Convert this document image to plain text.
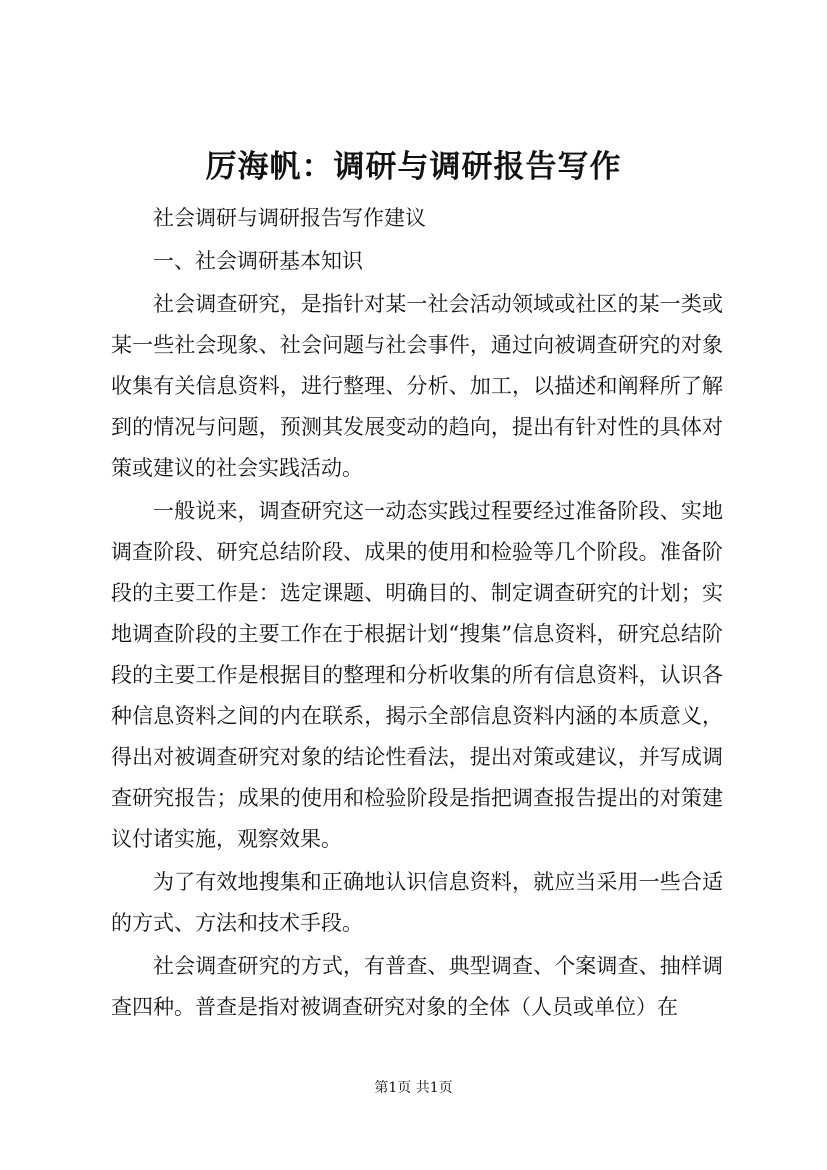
厉海帆：调研与调研报告写作

社会调研与调研报告写作建议

一、社会调研基本知识

社会调查研究，是指针对某一社会活动领域或社区的某一类或某一些社会现象、社会问题与社会事件，通过向被调查研究的对象收集有关信息资料，进行整理、分析、加工，以描述和阐释所了解到的情况与问题，预测其发展变动的趋向，提出有针对性的具体对策或建议的社会实践活动。

一般说来，调查研究这一动态实践过程要经过准备阶段、实地调查阶段、研究总结阶段、成果的使用和检验等几个阶段。准备阶段的主要工作是：选定课题、明确目的、制定调查研究的计划；实地调查阶段的主要工作在于根据计划“搜集”信息资料，研究总结阶段的主要工作是根据目的整理和分析收集的所有信息资料，认识各种信息资料之间的内在联系，揭示全部信息资料内涵的本质意义，得出对被调查研究对象的结论性看法，提出对策或建议，并写成调查研究报告；成果的使用和检验阶段是指把调查报告提出的对策建议付诸实施，观察效果。

为了有效地搜集和正确地认识信息资料，就应当采用一些合适的方式、方法和技术手段。

社会调查研究的方式，有普查、典型调查、个案调查、抽样调查四种。普查是指对被调查研究对象的全体（人员或单位）在

第1页 共1页
